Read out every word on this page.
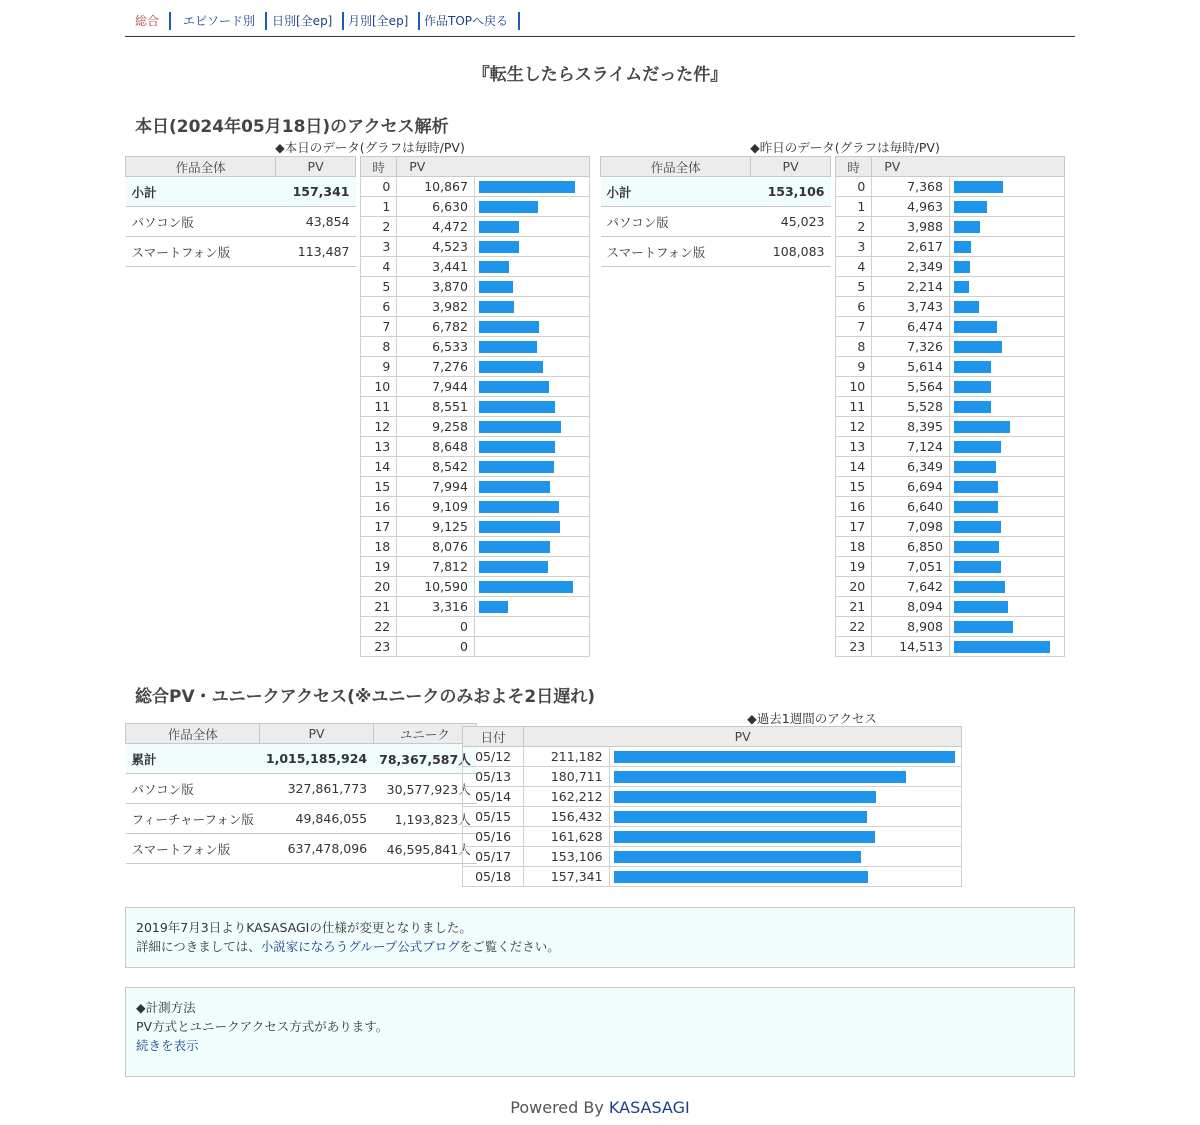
総合	エピソード別	日別[全ep]	月別[全ep]	作品TOPへ戻る
『転生したらスライムだった件』
本日(2024年05月18日)のアクセス解析
◆本日のデータ(グラフは毎時/PV)	◆昨日のデータ(グラフは毎時/PV)
作品全体	PV
小計	157,341
パソコン版	43,854
スマートフォン版	113,487
時	PV	
0	10,867	

1	6,630	

2	4,472	

3	4,523	

4	3,441	

5	3,870	

6	3,982	

7	6,782	

8	6,533	

9	7,276	

10	7,944	

11	8,551	

12	9,258	

13	8,648	

14	8,542	

15	7,994	

16	9,109	

17	9,125	

18	8,076	

19	7,812	

20	10,590	

21	3,316	

22	0	
23	0	
作品全体	PV
小計	153,106
パソコン版	45,023
スマートフォン版	108,083
時	PV	
0	7,368	

1	4,963	

2	3,988	

3	2,617	

4	2,349	

5	2,214	

6	3,743	

7	6,474	

8	7,326	

9	5,614	

10	5,564	

11	5,528	

12	8,395	

13	7,124	

14	6,349	

15	6,694	

16	6,640	

17	7,098	

18	6,850	

19	7,051	

20	7,642	

21	8,094	

22	8,908	

23	14,513	
総合PV・ユニークアクセス(※ユニークのみおよそ2日遅れ)
作品全体	PV	ユニーク
累計	1,015,185,924	78,367,587人
パソコン版	327,861,773	30,577,923人
フィーチャーフォン版	49,846,055	1,193,823人
スマートフォン版	637,478,096	46,595,841人
◆過去1週間のアクセス
日付	PV	
05/12	211,182	

05/13	180,711	

05/14	162,212	

05/15	156,432	

05/16	161,628	

05/17	153,106	

05/18	157,341	
2019年7月3日よりKASASAGIの仕様が変更となりました。
詳細につきましては、小説家になろうグループ公式ブログをご覧ください。
◆計測方法
PV方式とユニークアクセス方式があります。
続きを表示
Powered By KASASAGI
